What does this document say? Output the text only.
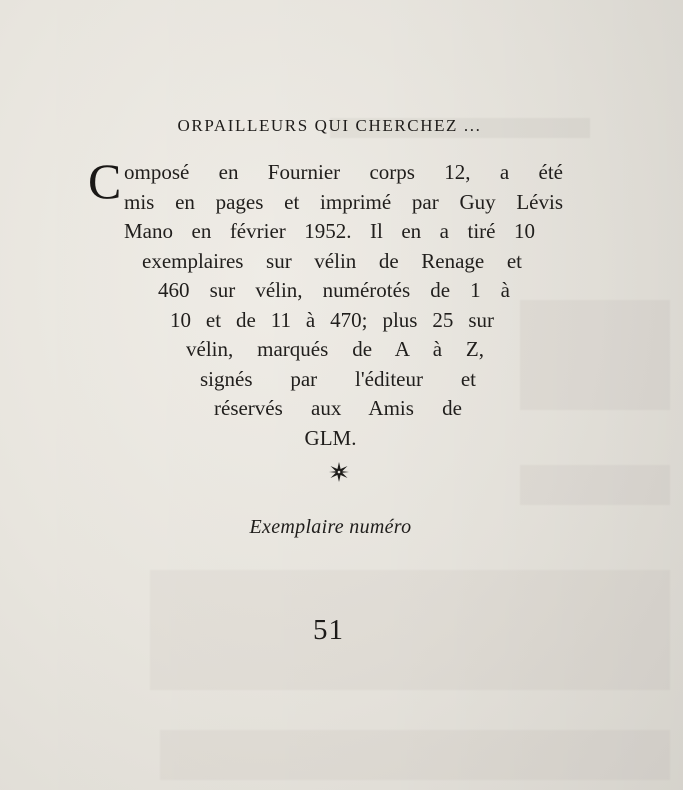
ORPAILLEURS QUI CHERCHEZ ...
C omposé en Fournier corps 12, a été
mis en pages et imprimé par Guy Lévis
Mano en février 1952. Il en a tiré 10
exemplaires sur vélin de Renage et
460 sur vélin, numérotés de 1 à
10 et de 11 à 470; plus 25 sur
vélin, marqués de A à Z,
signés par l'éditeur et
réservés aux Amis de
GLM.
Exemplaire numéro
51
